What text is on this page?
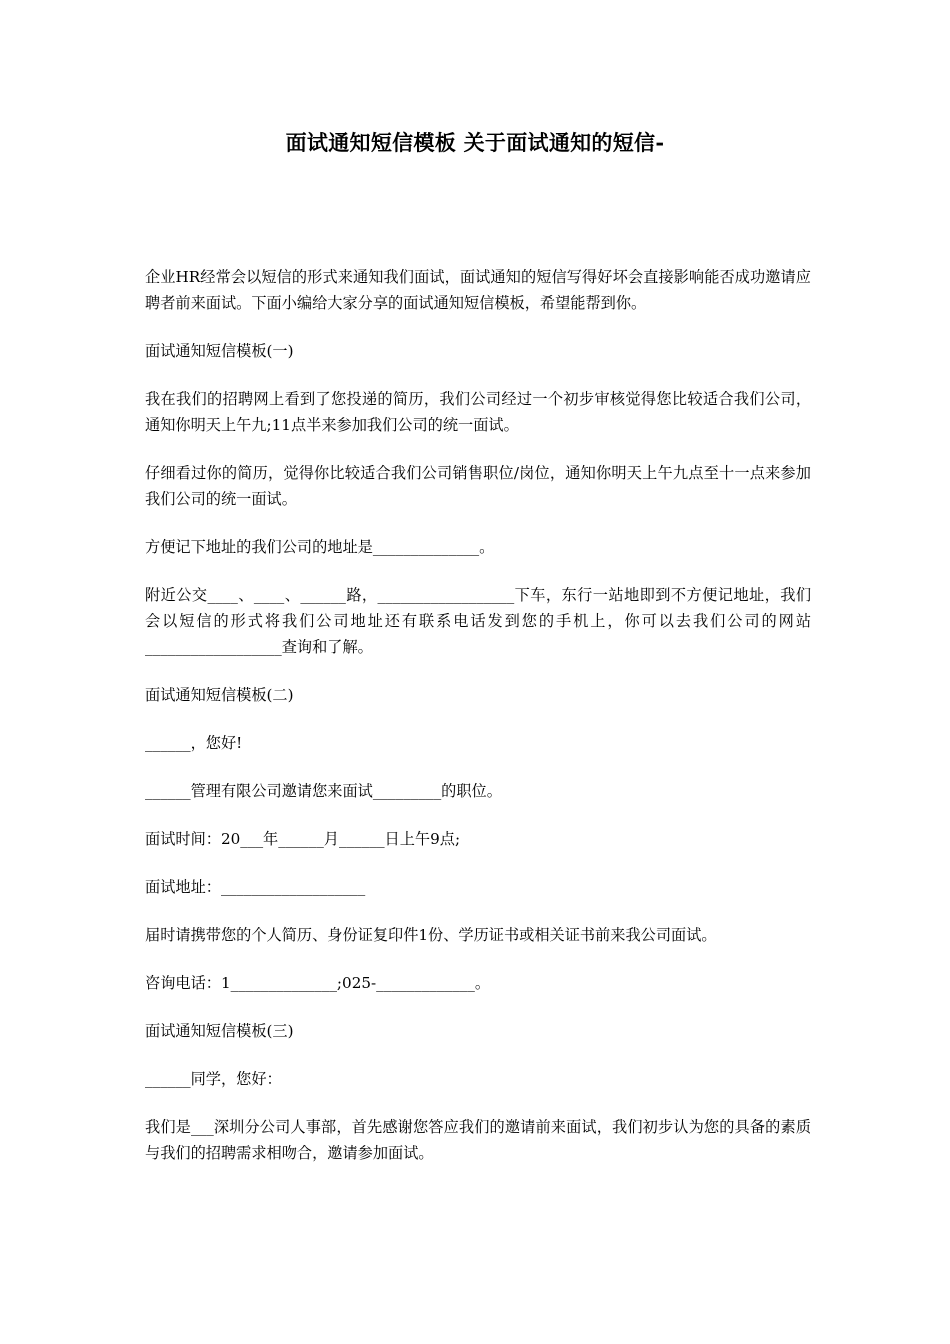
面试通知短信模板 关于面试通知的短信-

企业HR经常会以短信的形式来通知我们面试，面试通知的短信写得好坏会直接影响能否成功邀请应聘者前来面试。下面小编给大家分享的面试通知短信模板，希望能帮到你。

面试通知短信模板(一)

我在我们的招聘网上看到了您投递的简历，我们公司经过一个初步审核觉得您比较适合我们公司，通知你明天上午九;11点半来参加我们公司的统一面试。

仔细看过你的简历，觉得你比较适合我们公司销售职位/岗位，通知你明天上午九点至十一点来参加我们公司的统一面试。

方便记下地址的我们公司的地址是______________。

附近公交____、____、______路，__________________下车，东行一站地即到不方便记地址，我们会以短信的形式将我们公司地址还有联系电话发到您的手机上，你可以去我们公司的网站__________________查询和了解。

面试通知短信模板(二)

______，您好!

______管理有限公司邀请您来面试_________的职位。

面试时间：20___年______月______日上午9点;

面试地址：___________________

届时请携带您的个人简历、身份证复印件1份、学历证书或相关证书前来我公司面试。

咨询电话：1______________;025-_____________。

面试通知短信模板(三)

______同学，您好：

我们是___深圳分公司人事部，首先感谢您答应我们的邀请前来面试，我们初步认为您的具备的素质与我们的招聘需求相吻合，邀请参加面试。
